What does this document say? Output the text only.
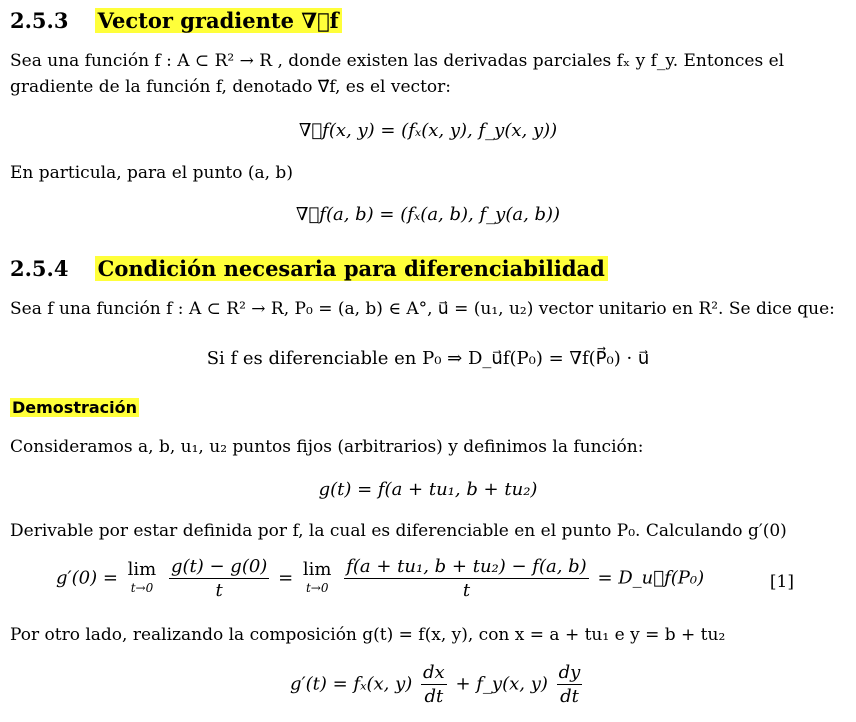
2.5.3 Vector gradiente ∇⃗f
Sea una función f : A ⊂ R² → R , donde existen las derivadas parciales fₓ y f_y. Entonces el gradiente de la función f, denotado ∇⃗f, es el vector:
∇⃗f(x, y) = (fₓ(x, y), f_y(x, y))
En particula, para el punto (a, b)
∇⃗f(a, b) = (fₓ(a, b), f_y(a, b))
2.5.4 Condición necesaria para diferenciabilidad
Sea f una función f : A ⊂ R² → R, P₀ = (a, b) ∈ A°, u⃗ = (u₁, u₂) vector unitario en R². Se dice que:
Si f es diferenciable en P₀ ⇒ D_u⃗f(P₀) = ∇f(P⃗₀) · u⃗
Demostración
Consideramos a, b, u₁, u₂ puntos fijos (arbitrarios) y definimos la función:
g(t) = f(a + tu₁, b + tu₂)
Derivable por estar definida por f, la cual es diferenciable en el punto P₀. Calculando g′(0)
g′(0) = lim
t→0
$\frac{g(t) - g(0)}{t} = \lim$
t→0
$\frac{\text{f(a + tu₁, b + tu₂) − f(a, b)}}{t}$ = D_u⃗f(P₀)	[1]
Por otro lado, realizando la composición g(t) = f(x, y), con x = a + tu₁ e y = b + tu₂
g′(t) = fₓ(x, $y) \frac{dx}{dt}$ + f_y(x, $y) \frac{dy}{dt}$
